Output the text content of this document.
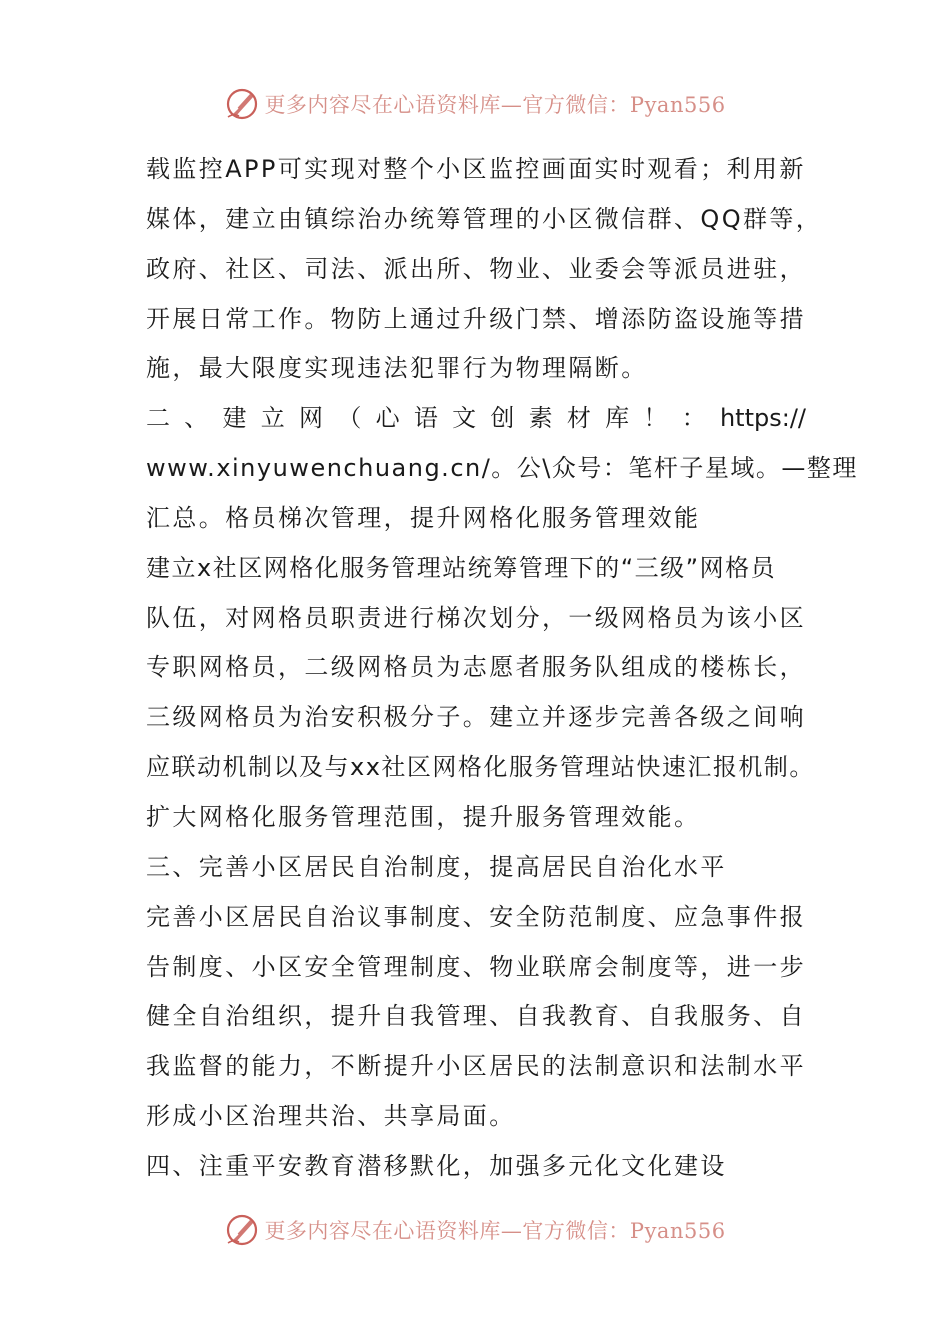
更多内容尽在心语资料库—官方微信：Pyan556
载监控APP可实现对整个小区监控画面实时观看；利用新
媒体，建立由镇综治办统筹管理的小区微信群、QQ群等，
政府、社区、司法、派出所、物业、业委会等派员进驻，
开展日常工作。物防上通过升级门禁、增添防盗设施等措
施，最大限度实现违法犯罪行为物理隔断。
二 、 建 立 网 （ 心 语 文 创 素 材 库 ！ ： https://
www.xinyuwenchuang.cn/。公\众号：笔杆子星域。—整理
汇总。格员梯次管理，提升网格化服务管理效能
建立x社区网格化服务管理站统筹管理下的“三级”网格员
队伍，对网格员职责进行梯次划分，一级网格员为该小区
专职网格员，二级网格员为志愿者服务队组成的楼栋长，
三级网格员为治安积极分子。建立并逐步完善各级之间响
应联动机制以及与xx社区网格化服务管理站快速汇报机制。
扩大网格化服务管理范围，提升服务管理效能。
三、完善小区居民自治制度，提高居民自治化水平
完善小区居民自治议事制度、安全防范制度、应急事件报
告制度、小区安全管理制度、物业联席会制度等，进一步
健全自治组织，提升自我管理、自我教育、自我服务、自
我监督的能力，不断提升小区居民的法制意识和法制水平
形成小区治理共治、共享局面。
四、注重平安教育潜移默化，加强多元化文化建设
更多内容尽在心语资料库—官方微信：Pyan556
